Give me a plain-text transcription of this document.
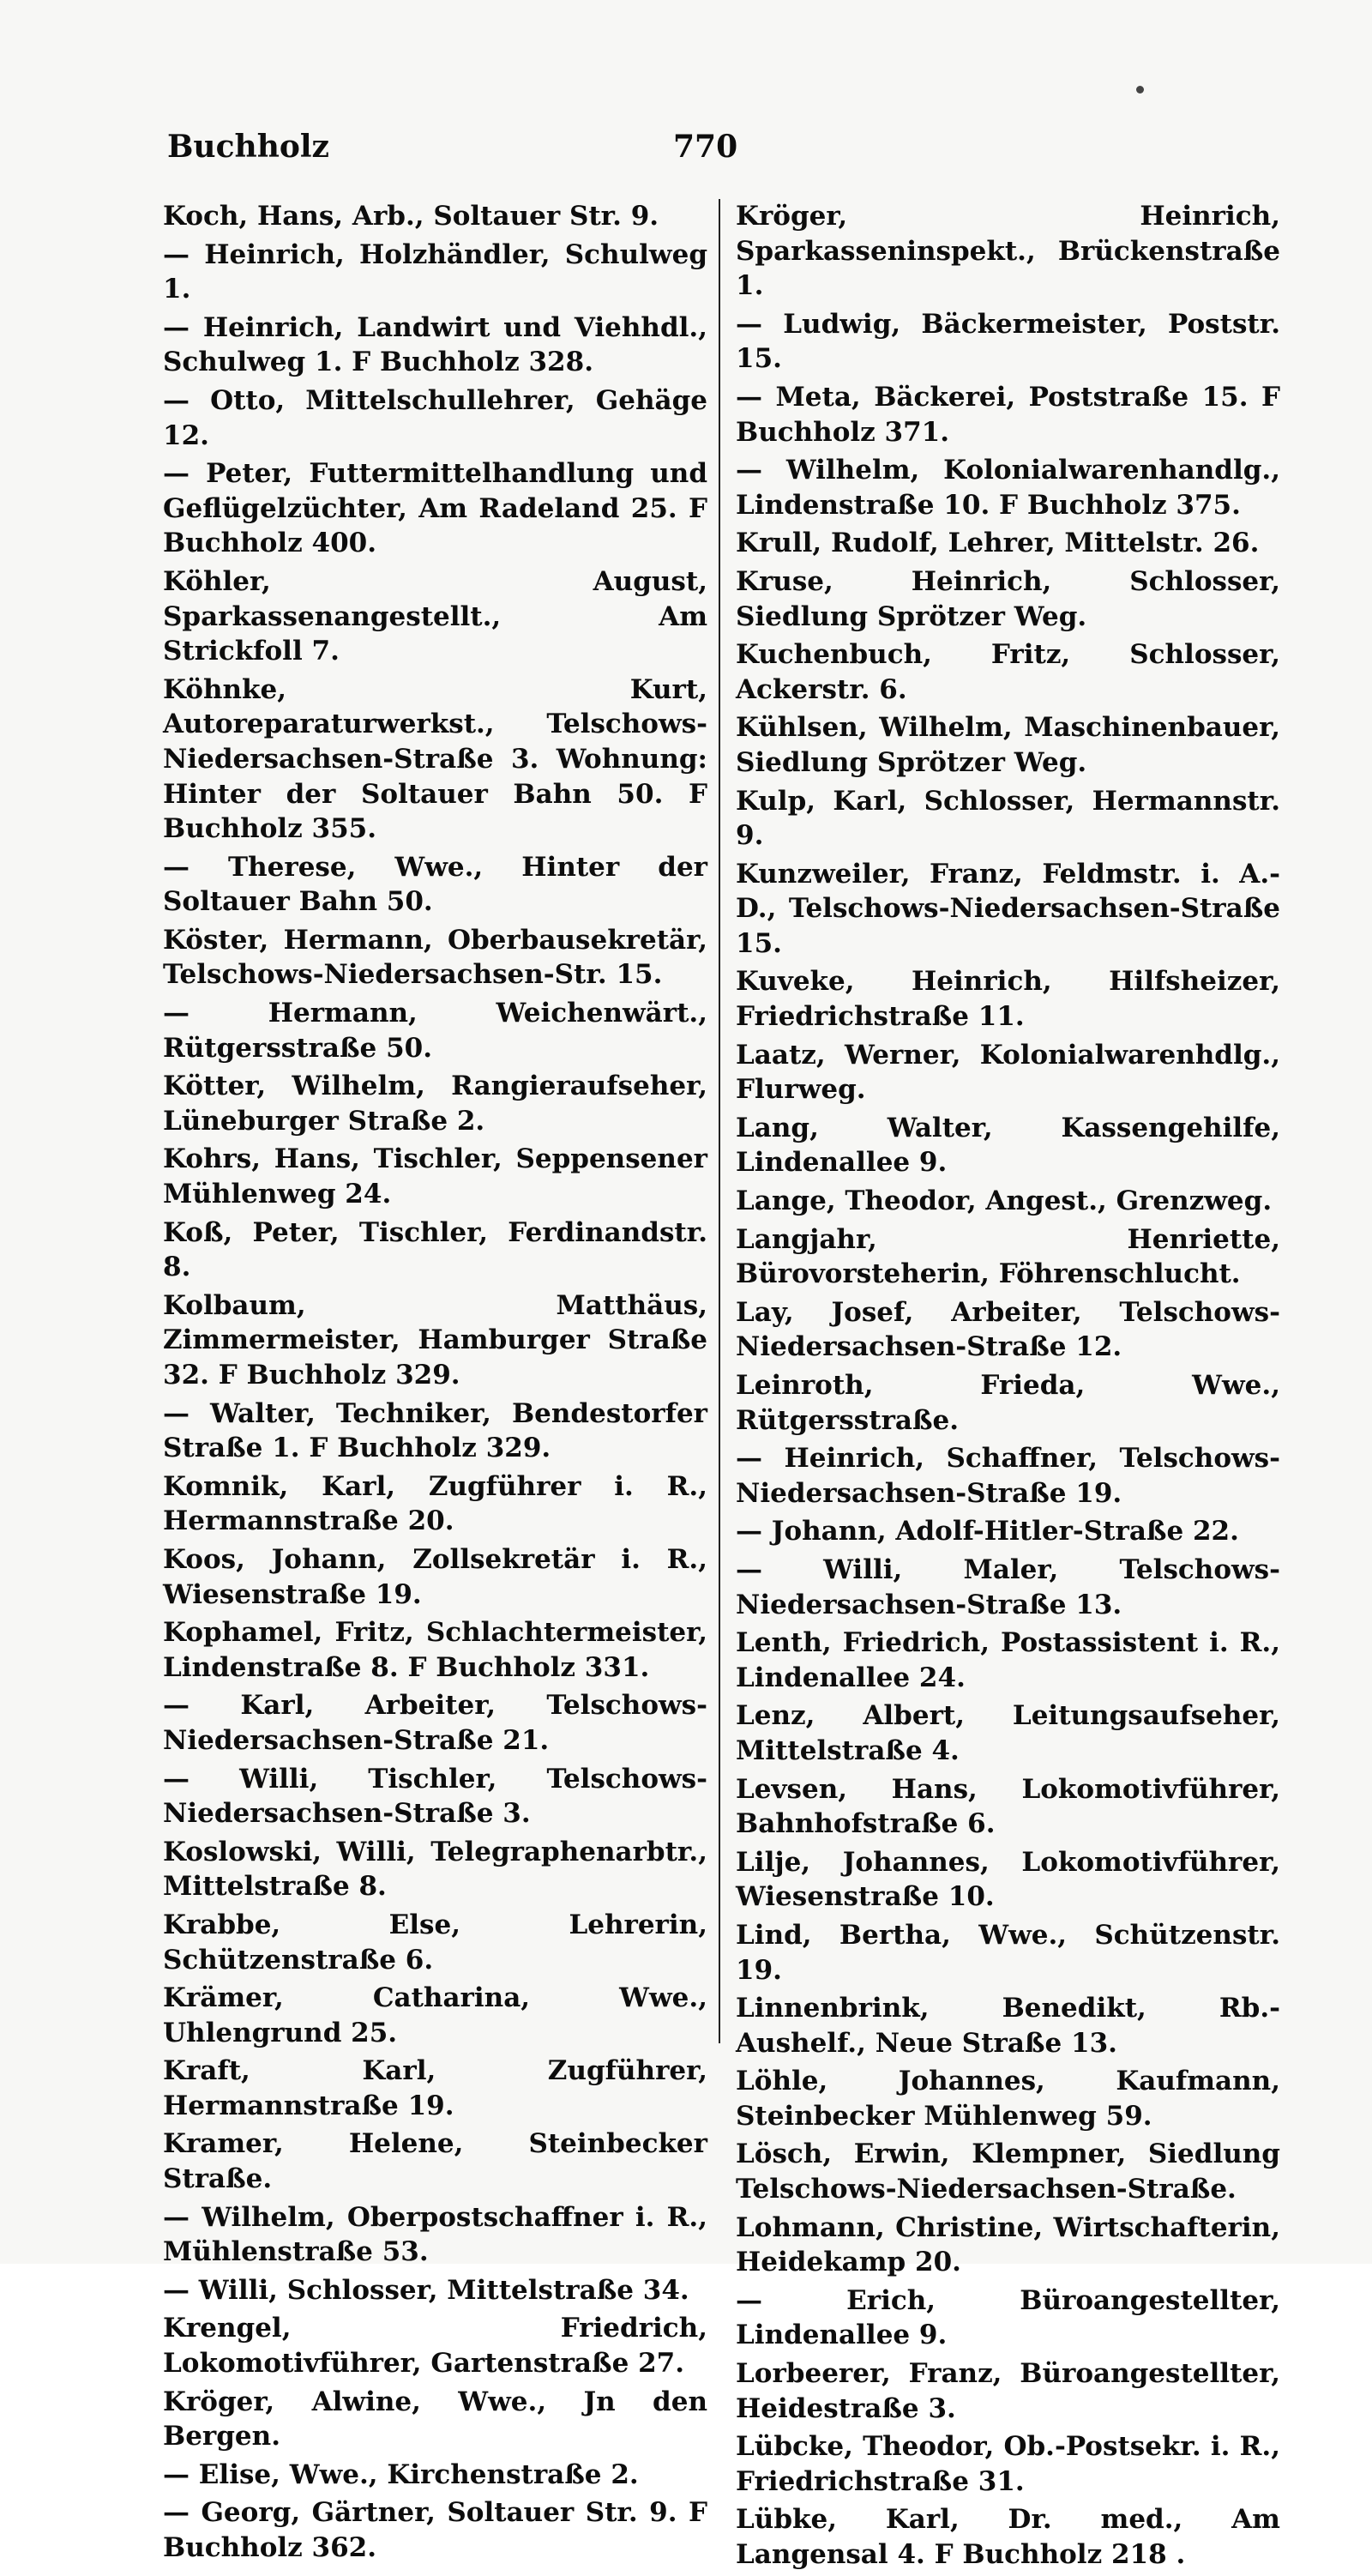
Buchholz	770

Koch, Hans, Arb., Soltauer Str. 9.

— Heinrich, Holzhändler, Schulweg 1.

— Heinrich, Landwirt und Viehhdl., Schulweg 1. F Buchholz 328.

— Otto, Mittelschullehrer, Gehäge 12.

— Peter, Futtermittelhandlung und Geflügelzüchter, Am Radeland 25. F Buchholz 400.

Köhler, August, Sparkassenangestellt., Am Strickfoll 7.

Köhnke, Kurt, Autoreparaturwerkst., Telschows-Niedersachsen-Straße 3. Wohnung: Hinter der Soltauer Bahn 50. F Buchholz 355.

— Therese, Wwe., Hinter der Soltauer Bahn 50.

Köster, Hermann, Oberbausekretär, Telschows-Niedersachsen-Str. 15.

— Hermann, Weichenwärt., Rütgersstraße 50.

Kötter, Wilhelm, Rangieraufseher, Lüneburger Straße 2.

Kohrs, Hans, Tischler, Seppensener Mühlenweg 24.

Koß, Peter, Tischler, Ferdinandstr. 8.

Kolbaum, Matthäus, Zimmermeister, Hamburger Straße 32. F Buchholz 329.

— Walter, Techniker, Bendestorfer Straße 1. F Buchholz 329.

Komnik, Karl, Zugführer i. R., Hermannstraße 20.

Koos, Johann, Zollsekretär i. R., Wiesenstraße 19.

Kophamel, Fritz, Schlachtermeister, Lindenstraße 8. F Buchholz 331.

— Karl, Arbeiter, Telschows-Niedersachsen-Straße 21.

— Willi, Tischler, Telschows-Niedersachsen-Straße 3.

Koslowski, Willi, Telegraphenarbtr., Mittelstraße 8.

Krabbe, Else, Lehrerin, Schützenstraße 6.

Krämer, Catharina, Wwe., Uhlengrund 25.

Kraft, Karl, Zugführer, Hermannstraße 19.

Kramer, Helene, Steinbecker Straße.

— Wilhelm, Oberpostschaffner i. R., Mühlenstraße 53.

— Willi, Schlosser, Mittelstraße 34.

Krengel, Friedrich, Lokomotivführer, Gartenstraße 27.

Kröger, Alwine, Wwe., Jn den Bergen.

— Elise, Wwe., Kirchenstraße 2.

— Georg, Gärtner, Soltauer Str. 9. F Buchholz 362.

Kröger, Heinrich, Sparkasseninspekt., Brückenstraße 1.

— Ludwig, Bäckermeister, Poststr. 15.

— Meta, Bäckerei, Poststraße 15. F Buchholz 371.

— Wilhelm, Kolonialwarenhandlg., Lindenstraße 10. F Buchholz 375.

Krull, Rudolf, Lehrer, Mittelstr. 26.

Kruse, Heinrich, Schlosser, Siedlung Sprötzer Weg.

Kuchenbuch, Fritz, Schlosser, Ackerstr. 6.

Kühlsen, Wilhelm, Maschinenbauer, Siedlung Sprötzer Weg.

Kulp, Karl, Schlosser, Hermannstr. 9.

Kunzweiler, Franz, Feldmstr. i. A.-D., Telschows-Niedersachsen-Straße 15.

Kuveke, Heinrich, Hilfsheizer, Friedrichstraße 11.

Laatz, Werner, Kolonialwarenhdlg., Flurweg.

Lang, Walter, Kassengehilfe, Lindenallee 9.

Lange, Theodor, Angest., Grenzweg.

Langjahr, Henriette, Bürovorsteherin, Föhrenschlucht.

Lay, Josef, Arbeiter, Telschows-Niedersachsen-Straße 12.

Leinroth, Frieda, Wwe., Rütgersstraße.

— Heinrich, Schaffner, Telschows-Niedersachsen-Straße 19.

— Johann, Adolf-Hitler-Straße 22.

— Willi, Maler, Telschows-Niedersachsen-Straße 13.

Lenth, Friedrich, Postassistent i. R., Lindenallee 24.

Lenz, Albert, Leitungsaufseher, Mittelstraße 4.

Levsen, Hans, Lokomotivführer, Bahnhofstraße 6.

Lilje, Johannes, Lokomotivführer, Wiesenstraße 10.

Lind, Bertha, Wwe., Schützenstr. 19.

Linnenbrink, Benedikt, Rb.-Aushelf., Neue Straße 13.

Löhle, Johannes, Kaufmann, Steinbecker Mühlenweg 59.

Lösch, Erwin, Klempner, Siedlung Telschows-Niedersachsen-Straße.

Lohmann, Christine, Wirtschafterin, Heidekamp 20.

— Erich, Büroangestellter, Lindenallee 9.

Lorbeerer, Franz, Büroangestellter, Heidestraße 3.

Lübcke, Theodor, Ob.-Postsekr. i. R., Friedrichstraße 31.

Lübke, Karl, Dr. med., Am Langensal 4. F Buchholz 218 .
